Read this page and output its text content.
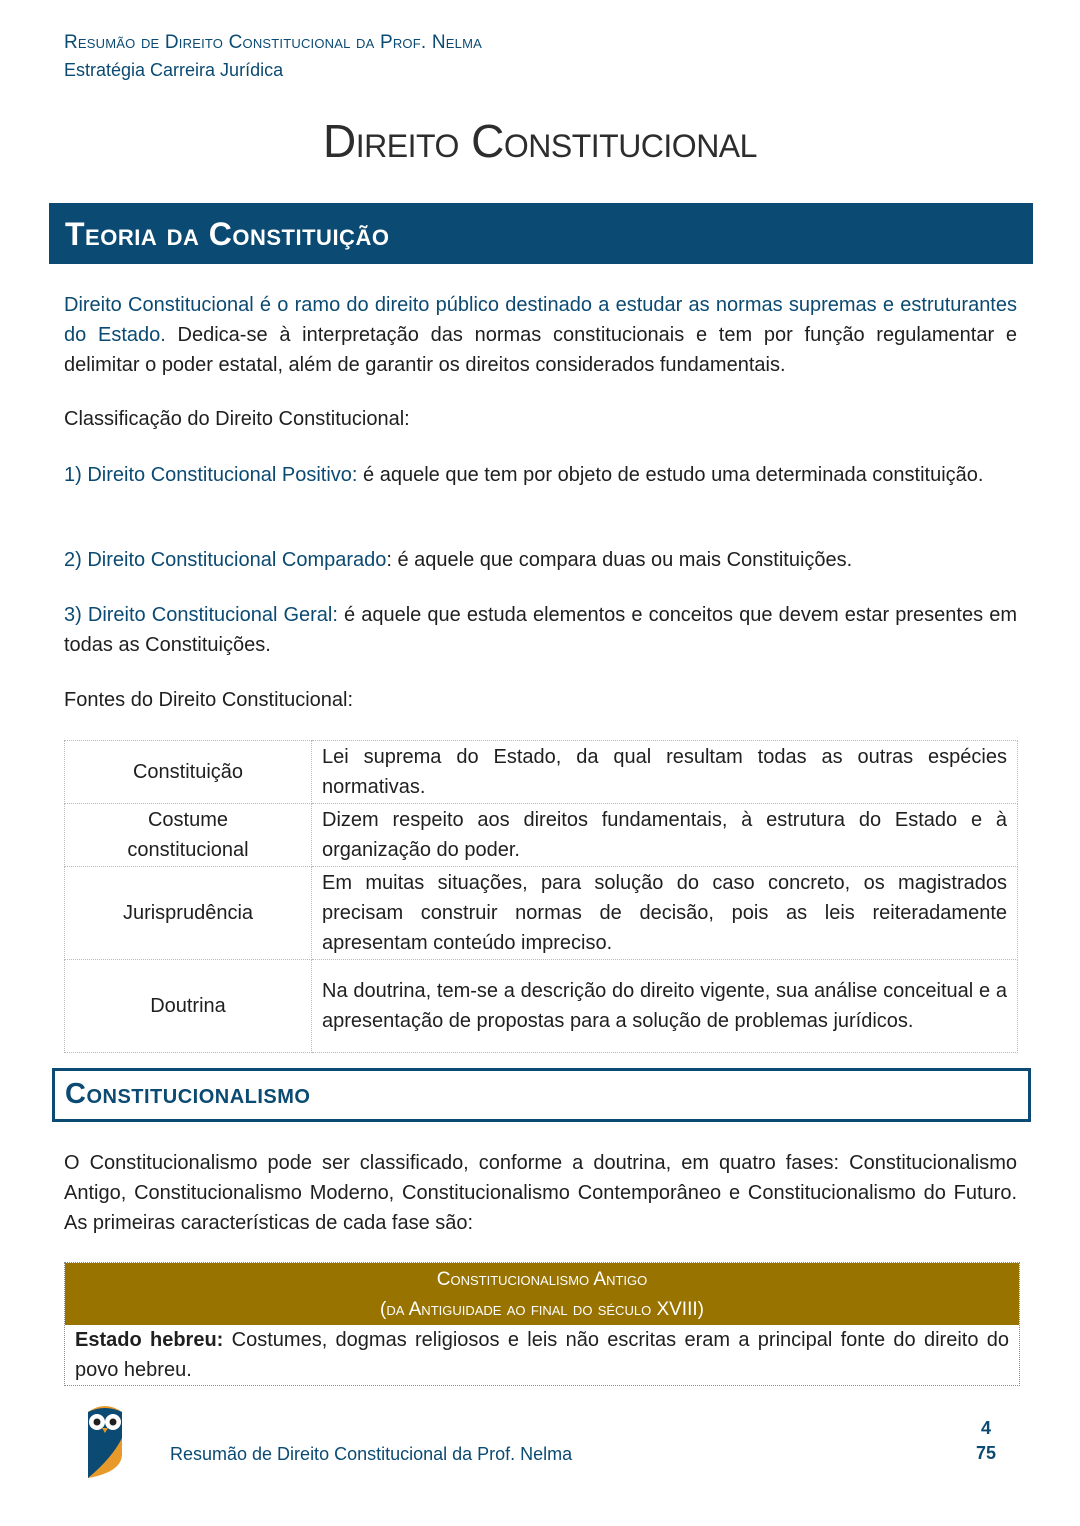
Resumão de Direito Constitucional da Prof. Nelma
Estratégia Carreira Jurídica
Direito Constitucional
Teoria da Constituição
Direito Constitucional é o ramo do direito público destinado a estudar as normas supremas e estruturantes do Estado. Dedica-se à interpretação das normas constitucionais e tem por função regulamentar e delimitar o poder estatal, além de garantir os direitos considerados fundamentais.
Classificação do Direito Constitucional:
1) Direito Constitucional Positivo: é aquele que tem por objeto de estudo uma determinada constituição.
2) Direito Constitucional Comparado: é aquele que compara duas ou mais Constituições.
3) Direito Constitucional Geral: é aquele que estuda elementos e conceitos que devem estar presentes em todas as Constituições.
Fontes do Direito Constitucional:
Constituição	Lei suprema do Estado, da qual resultam todas as outras espécies normativas.
Costume constitucional	Dizem respeito aos direitos fundamentais, à estrutura do Estado e à organização do poder.
Jurisprudência	Em muitas situações, para solução do caso concreto, os magistrados precisam construir normas de decisão, pois as leis reiteradamente apresentam conteúdo impreciso.
Doutrina	Na doutrina, tem-se a descrição do direito vigente, sua análise conceitual e a apresentação de propostas para a solução de problemas jurídicos.
Constitucionalismo
O Constitucionalismo pode ser classificado, conforme a doutrina, em quatro fases: Constitucionalismo Antigo, Constitucionalismo Moderno, Constitucionalismo Contemporâneo e Constitucionalismo do Futuro. As primeiras características de cada fase são:
Constitucionalismo Antigo
(da Antiguidade ao final do século XVIII)
Estado hebreu: Costumes, dogmas religiosos e leis não escritas eram a principal fonte do direito do povo hebreu.
Resumão de Direito Constitucional da Prof. Nelma
4
75
